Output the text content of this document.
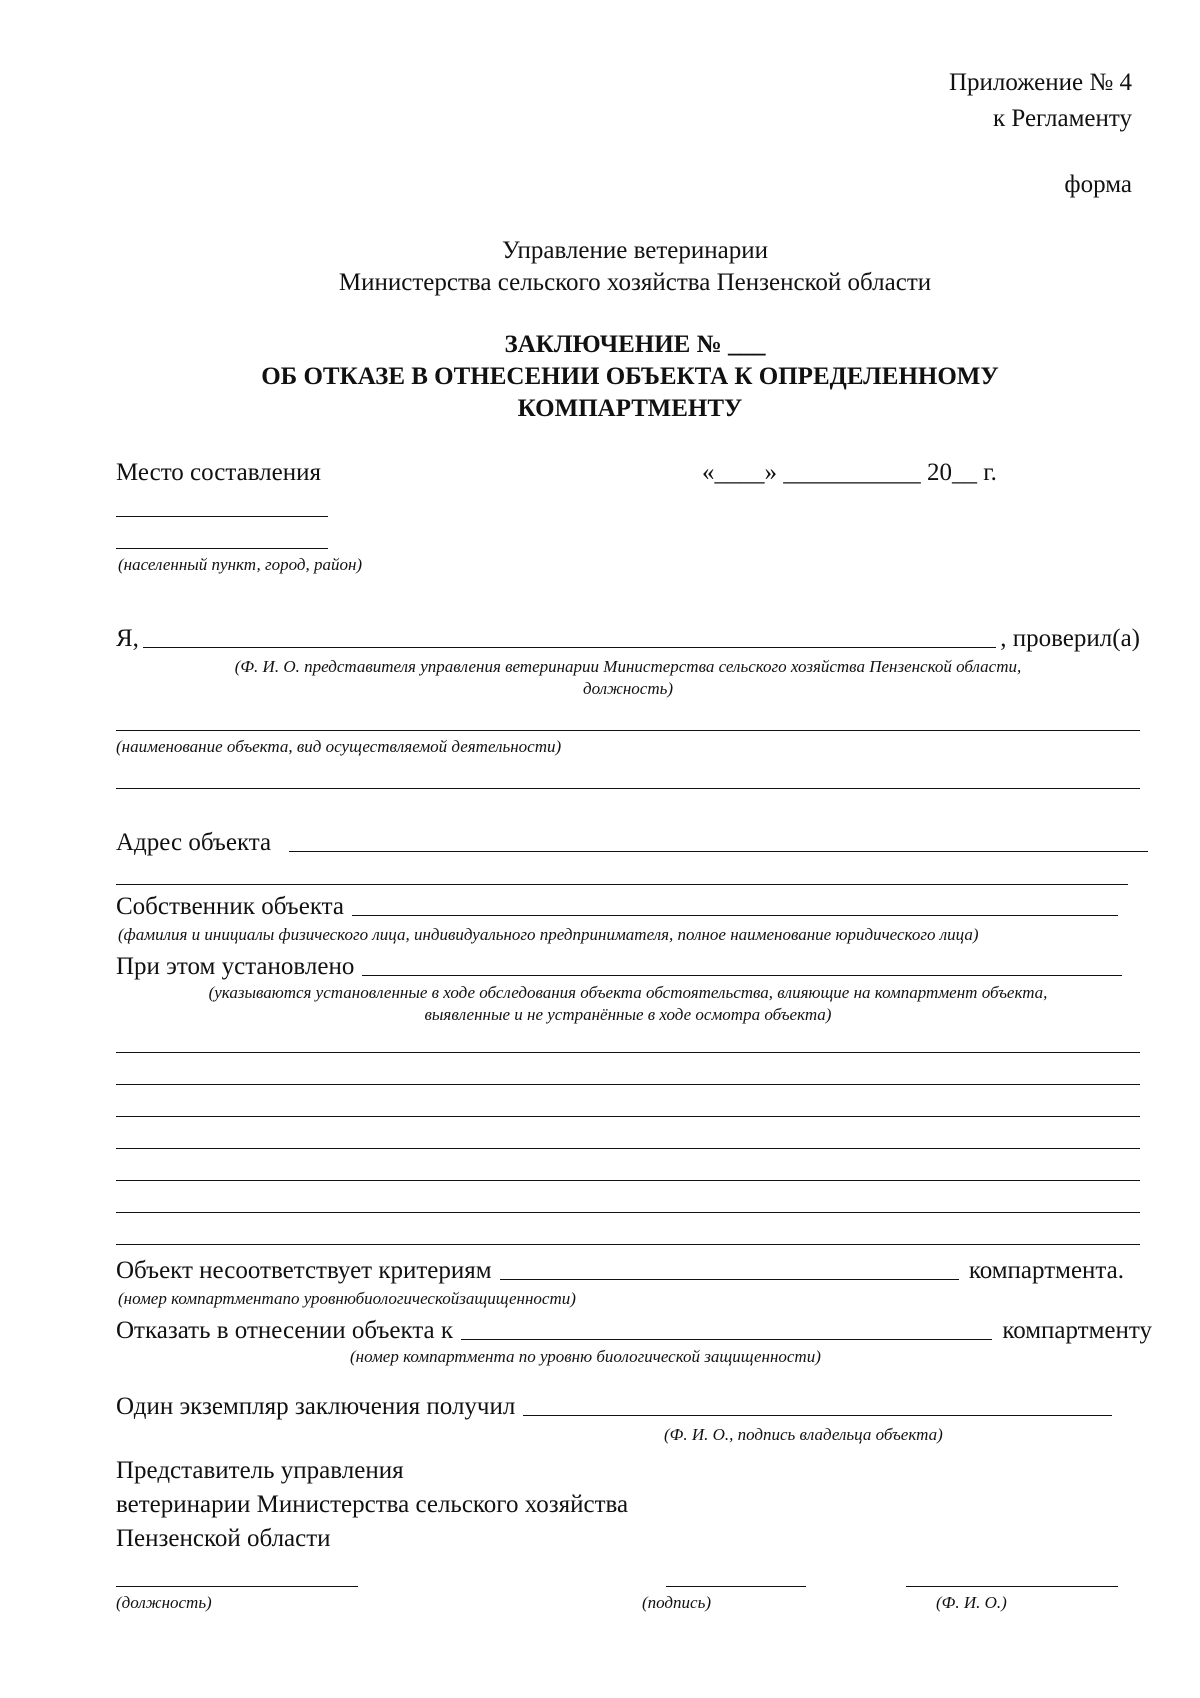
Приложение № 4
к Регламенту
форма
Управление ветеринарии
Министерства сельского хозяйства Пензенской области
ЗАКЛЮЧЕНИЕ № ___
ОБ ОТКАЗЕ В ОТНЕСЕНИИ ОБЪЕКТА К ОПРЕДЕЛЕННОМУ
КОМПАРТМЕНТУ
Место составления	«____» ___________ 20__ г.
(населенный пункт, город, район)
Я,	, проверил(а)
(Ф. И. О. представителя управления ветеринарии Министерства сельского хозяйства Пензенской области,
должность)
(наименование объекта, вид осуществляемой деятельности)
Адрес объекта
Собственник объекта
(фамилия и инициалы физического лица, индивидуального предпринимателя, полное наименование юридического лица)
При этом установлено
(указываются установленные в ходе обследования объекта обстоятельства, влияющие на компартмент объекта,
выявленные и не устранённые в ходе осмотра объекта)
Объект несоответствует критериям	компартмента.
(номер компартментапо уровнюбиологическойзащищенности)
Отказать в отнесении объекта к	компартменту
(номер компартмента по уровню биологической защищенности)
Один экземпляр заключения получил
(Ф. И. О., подпись владельца объекта)
Представитель управления
ветеринарии Министерства сельского хозяйства
Пензенской области
(должность)	(подпись)	(Ф. И. О.)
